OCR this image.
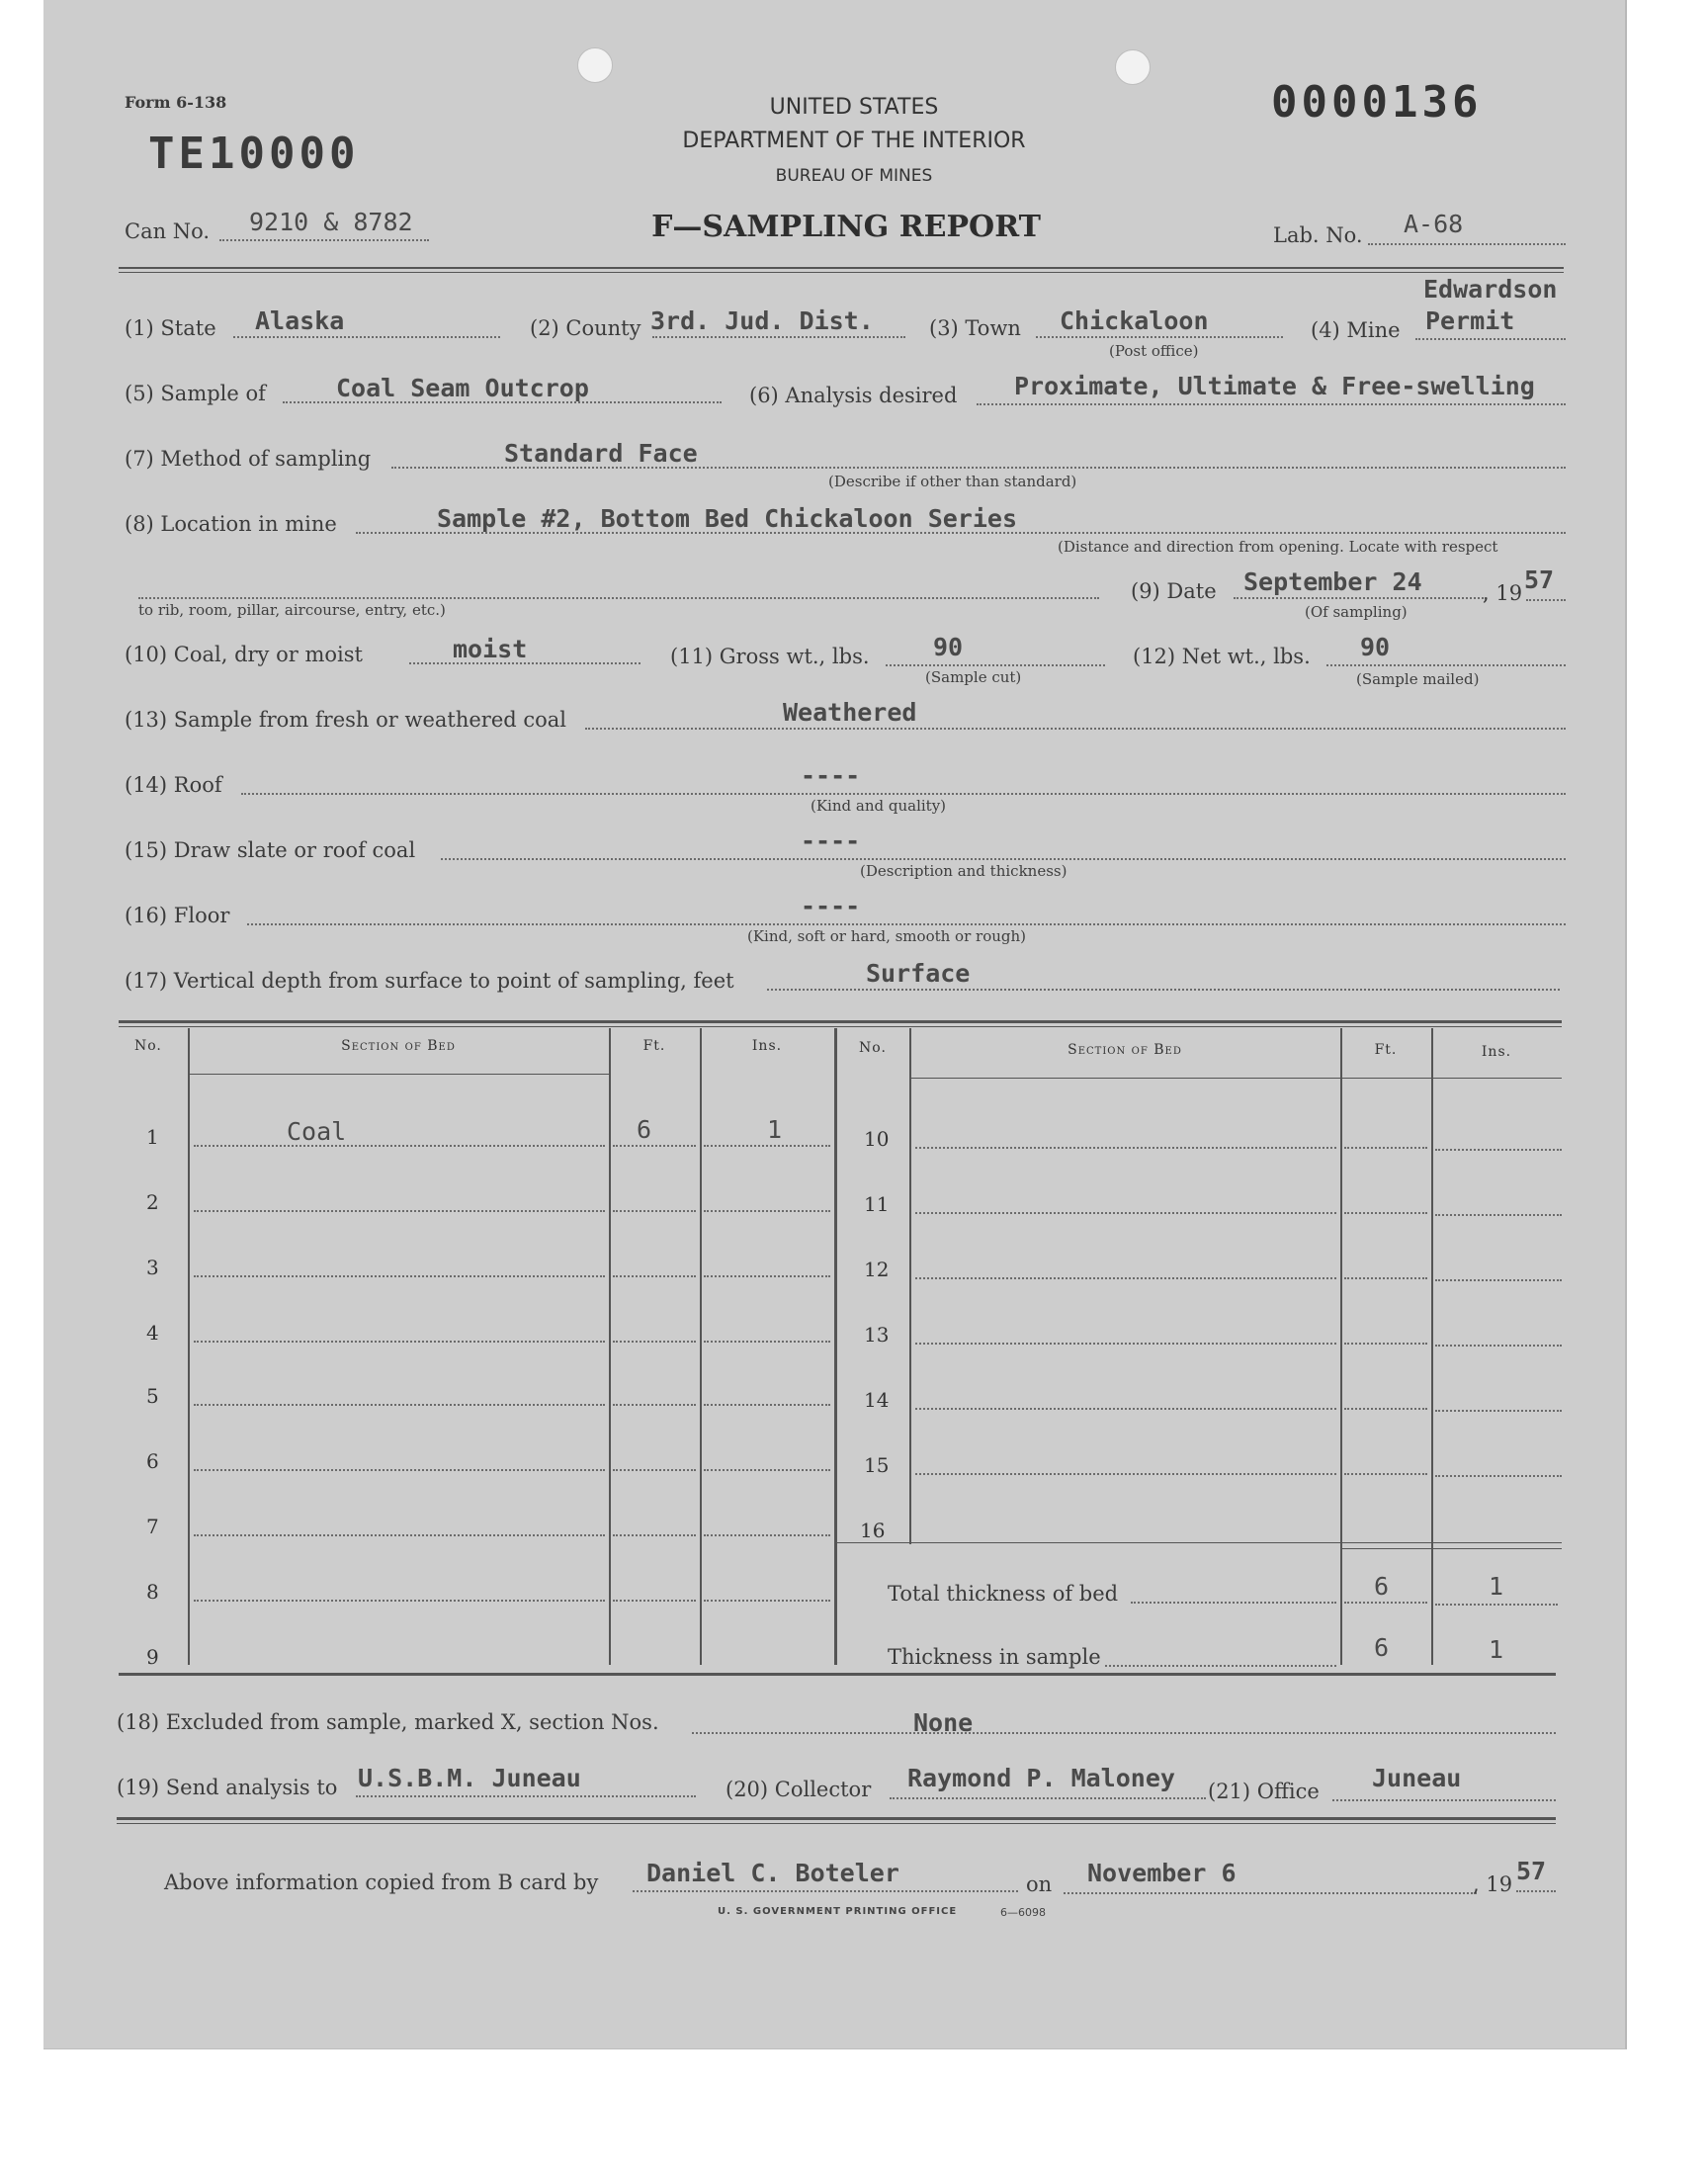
Form 6-138	0000136
TE10000
UNITED STATES
DEPARTMENT OF THE INTERIOR
BUREAU OF MINES
F—SAMPLING REPORT
Can No. 9210 & 8782	Lab. No. A-68
(1) State Alaska	(2) County 3rd. Jud. Dist.	(3) Town Chickaloon
(Post office)
(4) Mine
Edwardson
Permit
(5) Sample of	Coal Seam Outcrop	(6) Analysis desired Proximate, Ultimate & Free-swelling
(7) Method of sampling	Standard Face
(Describe if other than standard)
(8) Location in mine	Sample #2, Bottom Bed Chickaloon Series
(Distance and direction from opening. Locate with respect
to rib, room, pillar, aircourse, entry, etc.)
(9) Date September 24	, 19 57
(Of sampling)
(10) Coal, dry or moist	moist	(11) Gross wt., lbs.	90
(Sample cut)
(12) Net wt., lbs. 90
(Sample mailed)
(13) Sample from fresh or weathered coal	Weathered
(14) Roof	----
(Kind and quality)
(15) Draw slate or roof coal	----
(Description and thickness)
(16) Floor	----
(Kind, soft or hard, smooth or rough)
(17) Vertical depth from surface to point of sampling, feet	Surface
No.	Section of Bed	Ft.	Ins.	No.	Section of Bed	Ft.	Ins.
1	Coal	6	1
2
3
4
5
6
7
8
9
10
11
12
13
14
15
16
Total thickness of bed	6	1
Thickness in sample	6	1
(18) Excluded from sample, marked X, section Nos.	None
(19) Send analysis to U.S.B.M. Juneau	(20) Collector Raymond P. Maloney (21) Office Juneau
Above information copied from B card by Daniel C. Boteler	on November 6	, 19 57
U. S. GOVERNMENT PRINTING OFFICE	6—6098
